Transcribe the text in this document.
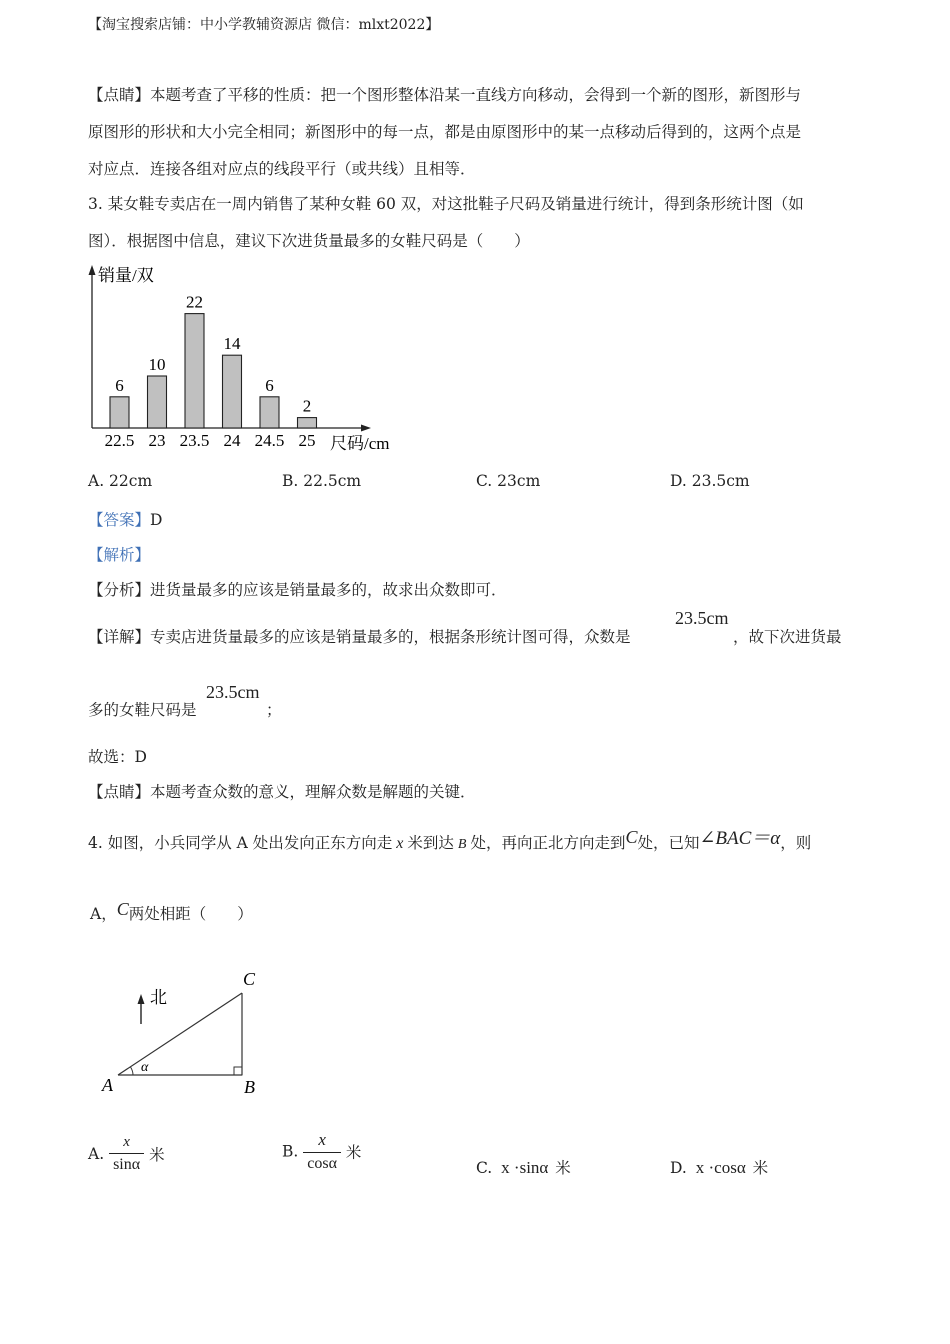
【淘宝搜索店铺：中小学教辅资源店 微信：mlxt2022】
【点睛】本题考查了平移的性质：把一个图形整体沿某一直线方向移动，会得到一个新的图形，新图形与
原图形的形状和大小完全相同；新图形中的每一点，都是由原图形中的某一点移动后得到的，这两个点是
对应点．连接各组对应点的线段平行（或共线）且相等．
3. 某女鞋专卖店在一周内销售了某种女鞋 60 双，对这批鞋子尺码及销量进行统计，得到条形统计图（如
图）．根据图中信息，建议下次进货量最多的女鞋尺码是（　　）
销量/双
尺码/cm
6
22.5
10
23
22
23.5
14
24
6
24.5
2
25
A. 22cm	B. 22.5cm	C. 23cm	D. 23.5cm
【答案】D
【解析】
【分析】进货量最多的应该是销量最多的，故求出众数即可．
【详解】专卖店进货量最多的应该是销量最多的，根据条形统计图可得，众数是
23.5cm
，故下次进货最
多的女鞋尺码是
23.5cm
；
故选：D
【点睛】本题考查众数的意义，理解众数是解题的关键．
4. 如图，小兵同学从 A 处出发向正东方向走 x 米到达 B 处，再向正北方向走到C处，已知∠BAC＝α，则
A，C两处相距（　　）
北
α
A	B
C
A. $\frac{x}{\sin\alpha}$ 米	B. $\frac{x}{\cos\alpha}$ 米
C. x ·sinα 米	D. x ·cosα 米
